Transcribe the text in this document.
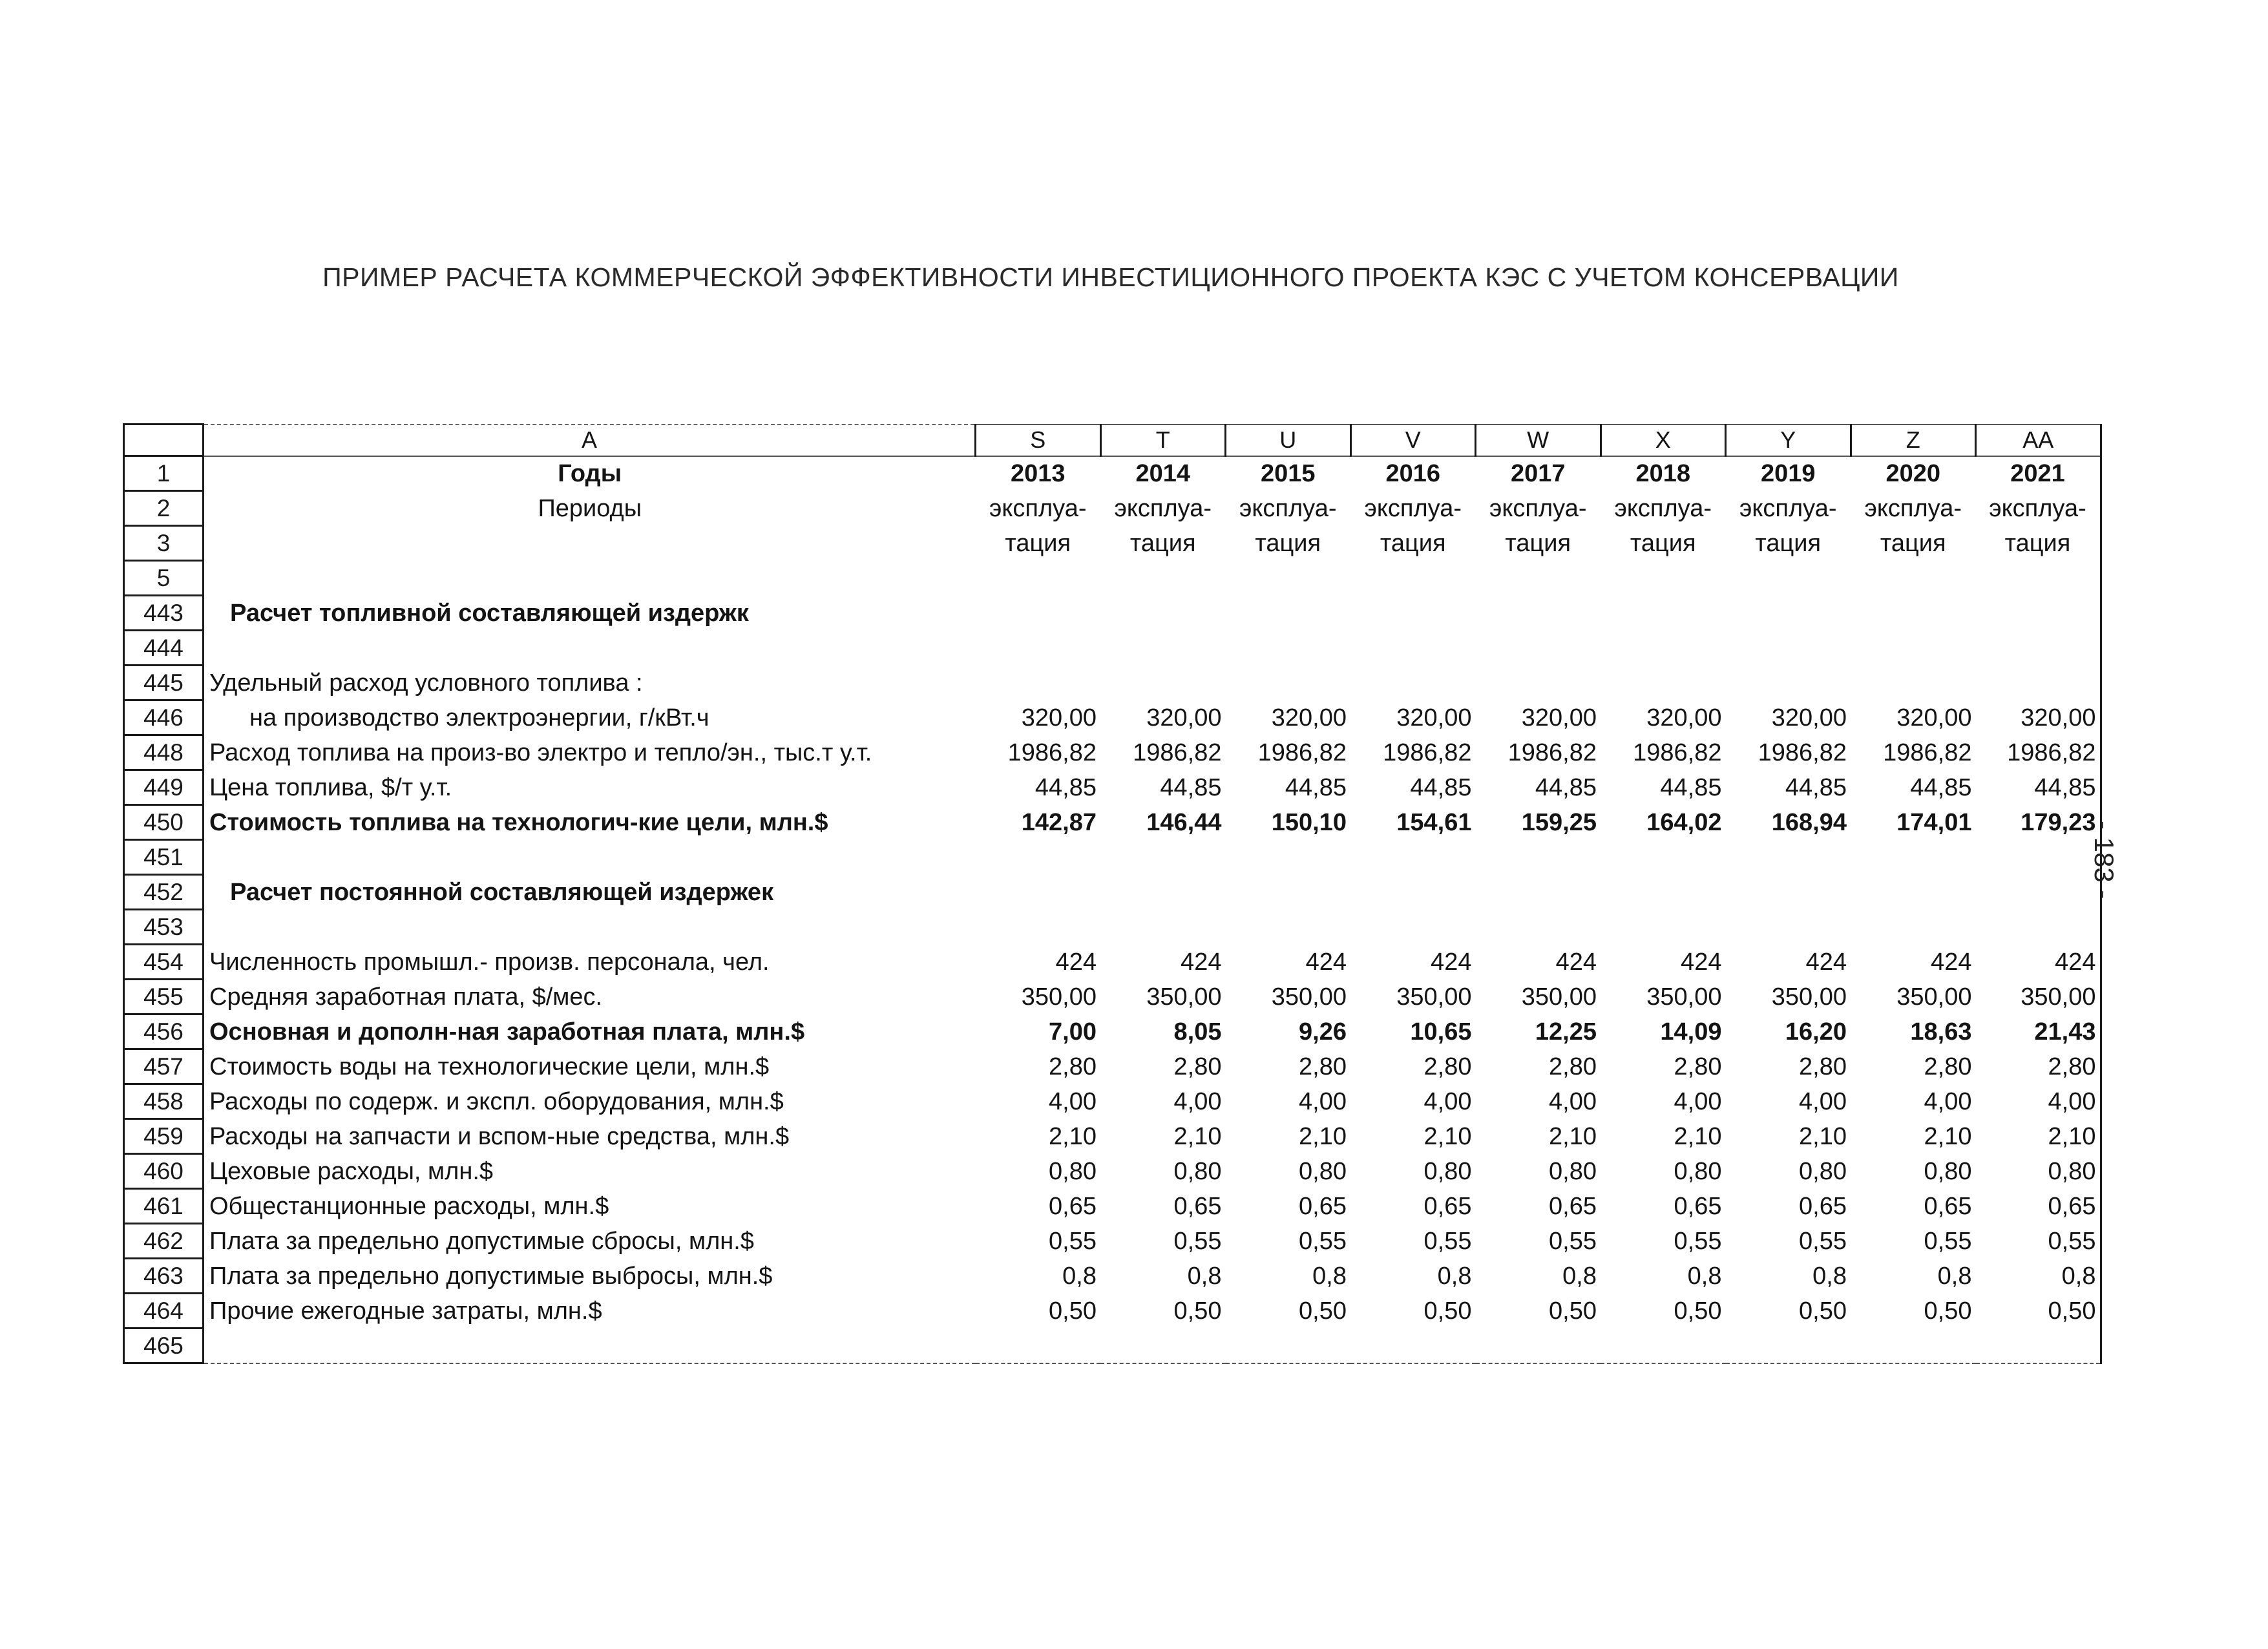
ПРИМЕР РАСЧЕТА КОММЕРЧЕСКОЙ ЭФФЕКТИВНОСТИ ИНВЕСТИЦИОННОГО ПРОЕКТА КЭС С УЧЕТОМ КОНСЕРВАЦИИ
- 183 -
	A	S	T	U	V	W	X	Y	Z	AA
1	Годы	2013	2014	2015	2016	2017	2018	2019	2020	2021
2	Периоды	эксплуа-	эксплуа-	эксплуа-	эксплуа-	эксплуа-	эксплуа-	эксплуа-	эксплуа-	эксплуа-
3		тация	тация	тация	тация	тация	тация	тация	тация	тация
5										
443	Расчет топливной составляющей издержк									
444										
445	Удельный расход условного топлива :									
446	на производство электроэнергии, г/кВт.ч	320,00	320,00	320,00	320,00	320,00	320,00	320,00	320,00	320,00
448	Расход топлива на произ-во электро и тепло/эн., тыс.т у.т.	1986,82	1986,82	1986,82	1986,82	1986,82	1986,82	1986,82	1986,82	1986,82
449	Цена топлива, $/т у.т.	44,85	44,85	44,85	44,85	44,85	44,85	44,85	44,85	44,85
450	Стоимость топлива на технологич-кие цели, млн.$	142,87	146,44	150,10	154,61	159,25	164,02	168,94	174,01	179,23
451										
452	Расчет постоянной составляющей издержек									
453										
454	Численность промышл.- произв. персонала, чел.	424	424	424	424	424	424	424	424	424
455	Средняя заработная плата, $/мес.	350,00	350,00	350,00	350,00	350,00	350,00	350,00	350,00	350,00
456	Основная и дополн-ная заработная плата, млн.$	7,00	8,05	9,26	10,65	12,25	14,09	16,20	18,63	21,43
457	Стоимость воды на технологические цели, млн.$	2,80	2,80	2,80	2,80	2,80	2,80	2,80	2,80	2,80
458	Расходы по содерж. и экспл. оборудования, млн.$	4,00	4,00	4,00	4,00	4,00	4,00	4,00	4,00	4,00
459	Расходы на запчасти и вспом-ные средства, млн.$	2,10	2,10	2,10	2,10	2,10	2,10	2,10	2,10	2,10
460	Цеховые расходы, млн.$	0,80	0,80	0,80	0,80	0,80	0,80	0,80	0,80	0,80
461	Общестанционные расходы, млн.$	0,65	0,65	0,65	0,65	0,65	0,65	0,65	0,65	0,65
462	Плата за предельно допустимые сбросы, млн.$	0,55	0,55	0,55	0,55	0,55	0,55	0,55	0,55	0,55
463	Плата за предельно допустимые выбросы, млн.$	0,8	0,8	0,8	0,8	0,8	0,8	0,8	0,8	0,8
464	Прочие ежегодные затраты, млн.$	0,50	0,50	0,50	0,50	0,50	0,50	0,50	0,50	0,50
465										
